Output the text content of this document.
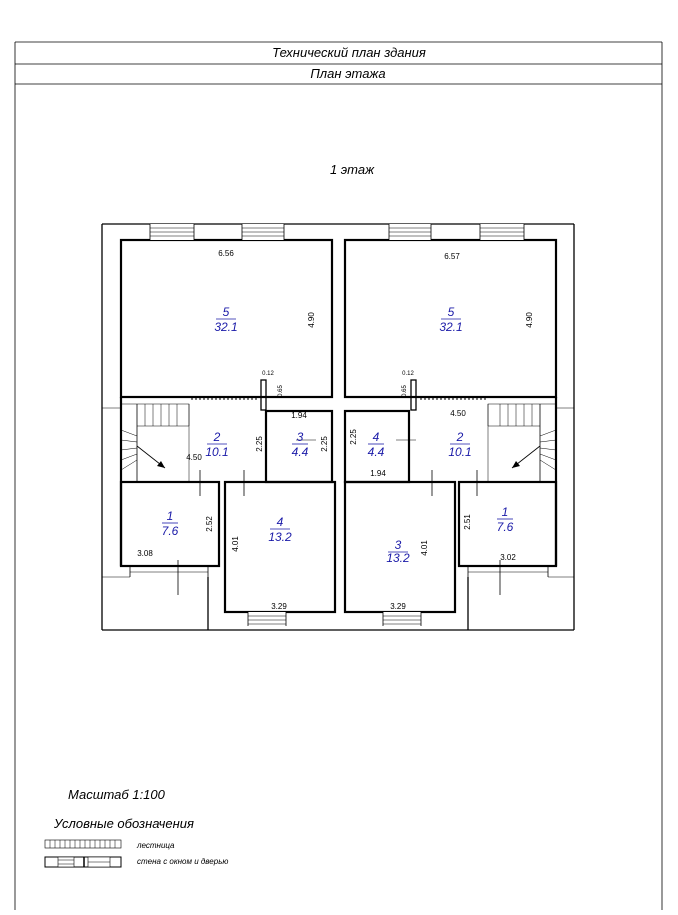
Технический план здания
План этажа
1 этаж
5
32.1
2
10.1
3
4.4
1
7.6
4
13.2
5
32.1
4
4.4
2
10.1
3
13.2
1
7.6
6.56
4.90
0.12
0.65
1.94
2.25	2.25
4.50
2.52
3.08
4.01
3.29
6.57
4.90
0.12
0.65
4.50
2.25
1.94
2.51
3.02
4.01
3.29
Масштаб 1:100
Условные обозначения
лестница
стена с окном и дверью
